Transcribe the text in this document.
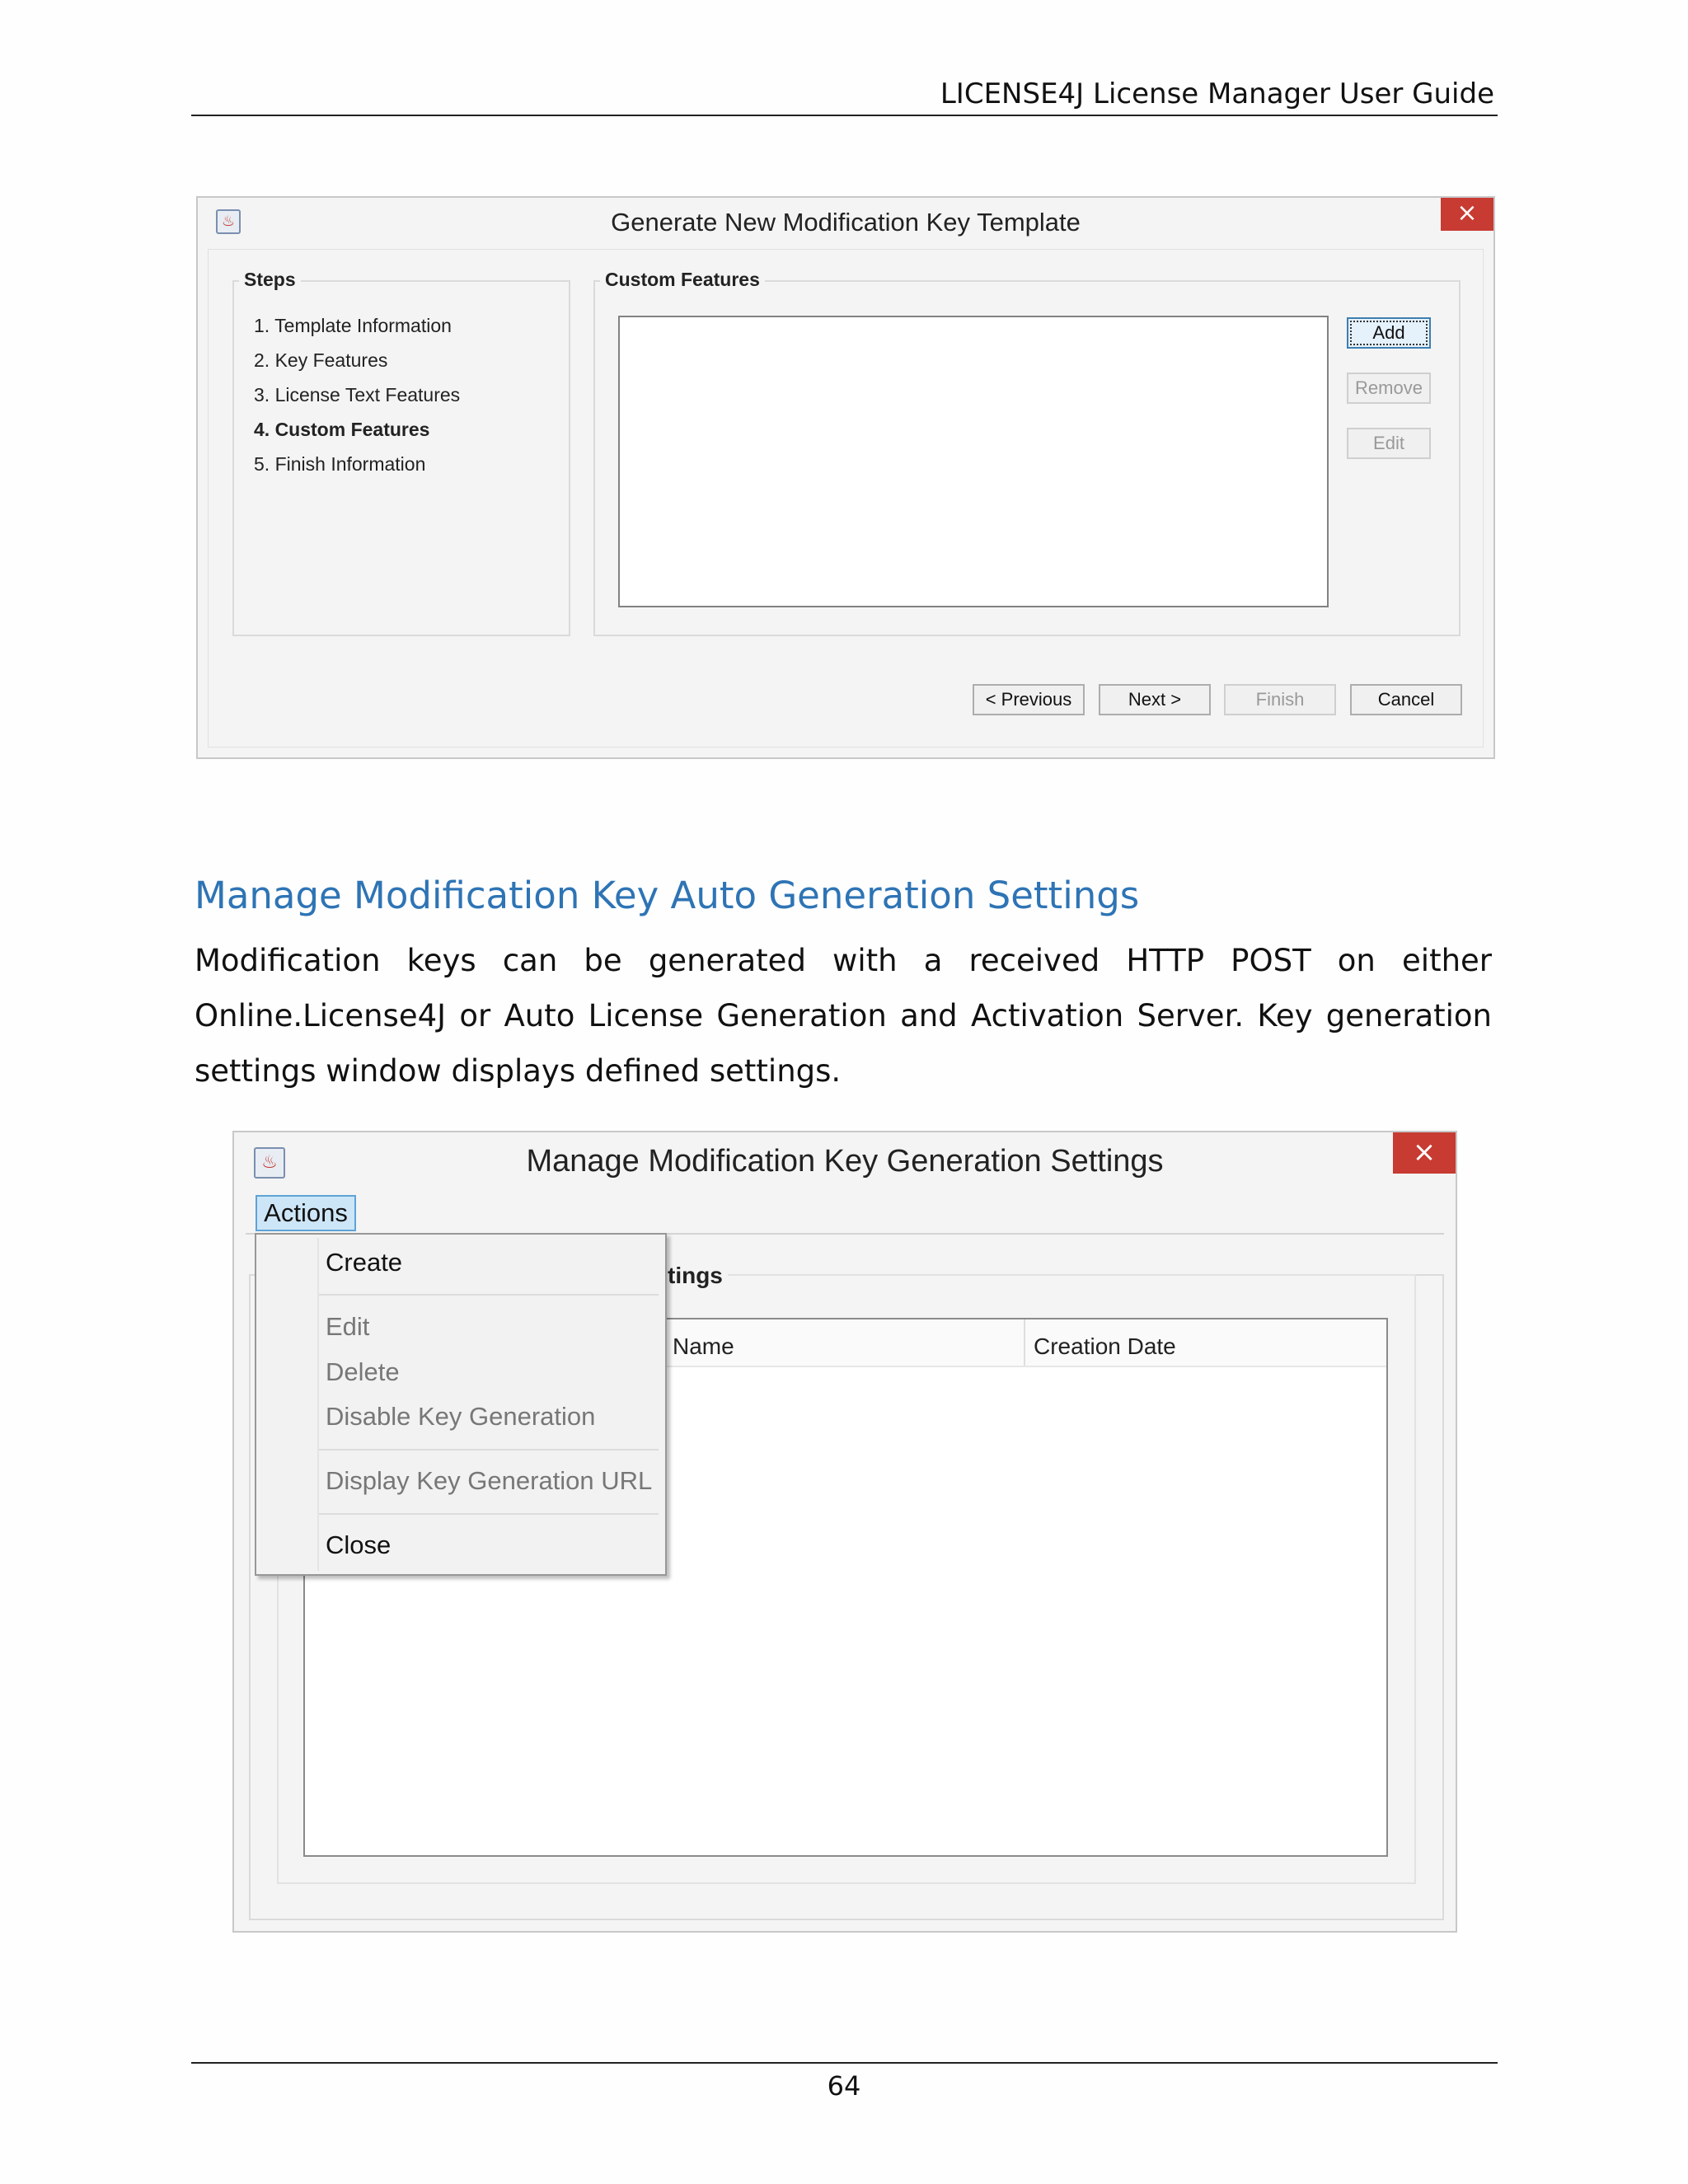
LICENSE4J License Manager User Guide
♨	Generate New Modification Key Template	×
Steps	Custom Features
Add
Remove
Edit
< Previous	Next >	Finish	Cancel
1. Template Information
2. Key Features
3. License Text Features
4. Custom Features
5. Finish Information
Manage Modification Key Auto Generation Settings
Modification keys can be generated with a received HTTP POST on either
Online.License4J or Auto License Generation and Activation Server. Key generation
settings window displays defined settings.
♨	Manage Modification Key Generation Settings	×
Actions
tings
Name	Creation Date
Create
Edit
Delete
Disable Key Generation
Display Key Generation URL
Close
64
